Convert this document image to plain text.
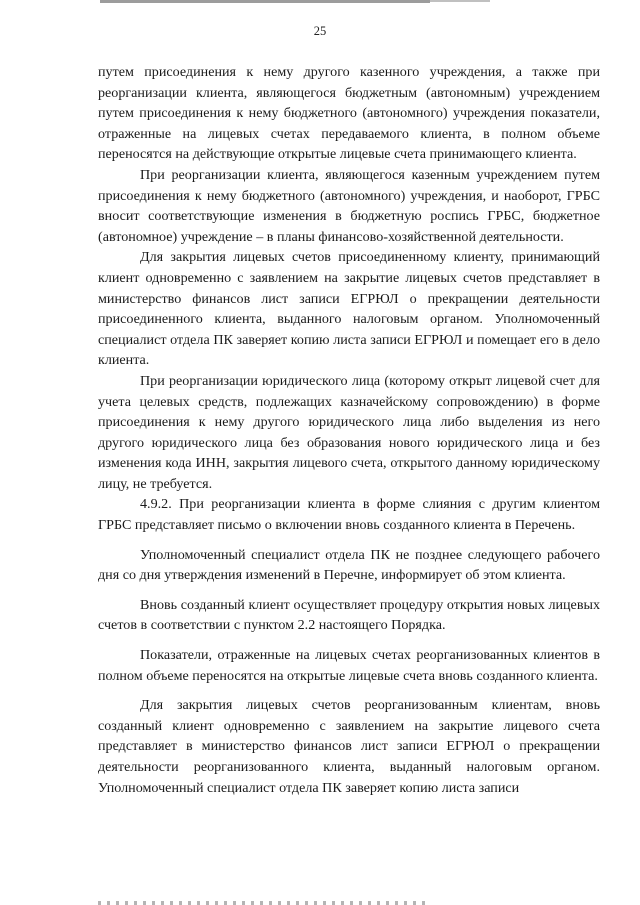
25

путем присоединения к нему другого казенного учреждения, а также при реорганизации клиента, являющегося бюджетным (автономным) учреждением путем присоединения к нему бюджетного (автономного) учреждения показатели, отраженные на лицевых счетах передаваемого клиента, в полном объеме переносятся на действующие открытые лицевые счета принимающего клиента.

При реорганизации клиента, являющегося казенным учреждением путем присоединения к нему бюджетного (автономного) учреждения, и наоборот, ГРБС вносит соответствующие изменения в бюджетную роспись ГРБС, бюджетное (автономное) учреждение – в планы финансово-хозяйственной деятельности.

Для закрытия лицевых счетов присоединенному клиенту, принимающий клиент одновременно с заявлением на закрытие лицевых счетов представляет в министерство финансов лист записи ЕГРЮЛ о прекращении деятельности присоединенного клиента, выданного налоговым органом. Уполномоченный специалист отдела ПК заверяет копию листа записи ЕГРЮЛ и помещает его в дело клиента.

При реорганизации юридического лица (которому открыт лицевой счет для учета целевых средств, подлежащих казначейскому сопровождению) в форме присоединения к нему другого юридического лица либо выделения из него другого юридического лица без образования нового юридического лица и без изменения кода ИНН, закрытия лицевого счета, открытого данному юридическому лицу, не требуется.

4.9.2. При реорганизации клиента в форме слияния с другим клиентом ГРБС представляет письмо о включении вновь созданного клиента в Перечень.

Уполномоченный специалист отдела ПК не позднее следующего рабочего дня со дня утверждения изменений в Перечне, информирует об этом клиента.

Вновь созданный клиент осуществляет процедуру открытия новых лицевых счетов в соответствии с пунктом 2.2 настоящего Порядка.

Показатели, отраженные на лицевых счетах реорганизованных клиентов в полном объеме переносятся на открытые лицевые счета вновь созданного клиента.

Для закрытия лицевых счетов реорганизованным клиентам, вновь созданный клиент одновременно с заявлением на закрытие лицевого счета представляет в министерство финансов лист записи ЕГРЮЛ о прекращении деятельности реорганизованного клиента, выданный налоговым органом. Уполномоченный специалист отдела ПК заверяет копию листа записи
